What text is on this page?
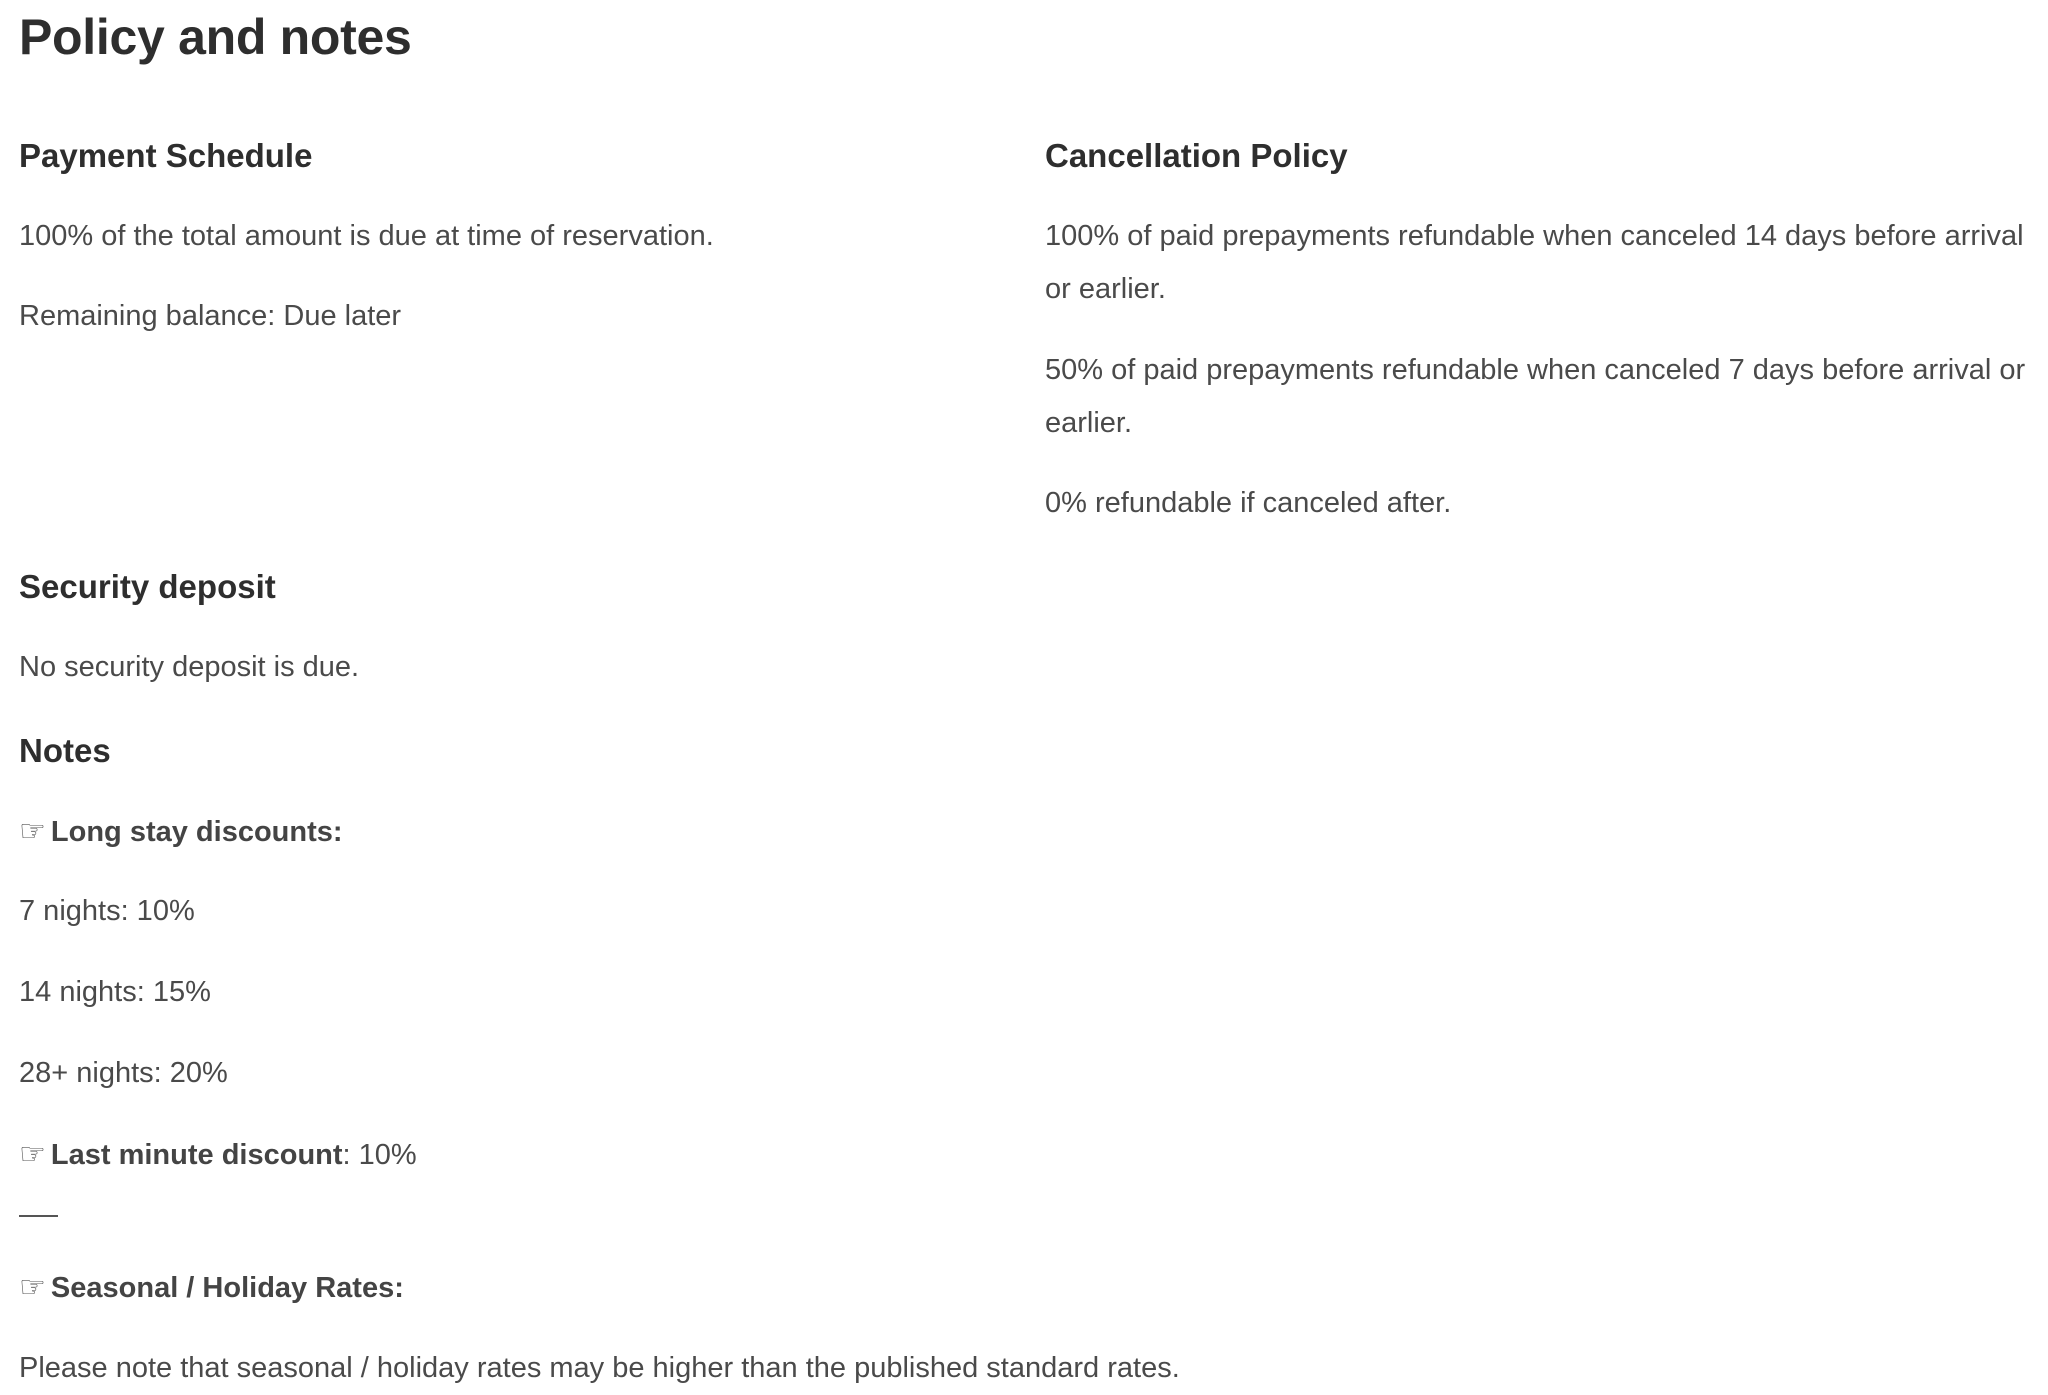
Policy and notes
Payment Schedule

100% of the total amount is due at time of reservation.

Remaining balance: Due later

Cancellation Policy

100% of paid prepayments refundable when canceled 14 days before arrival or earlier.

50% of paid prepayments refundable when canceled 7 days before arrival or earlier.

0% refundable if canceled after.

Security deposit

No security deposit is due.

Notes

☞ Long stay discounts:

7 nights: 10%

14 nights: 15%

28+ nights: 20%

☞ Last minute discount: 10%

☞ Seasonal / Holiday Rates:

Please note that seasonal / holiday rates may be higher than the published standard rates.
